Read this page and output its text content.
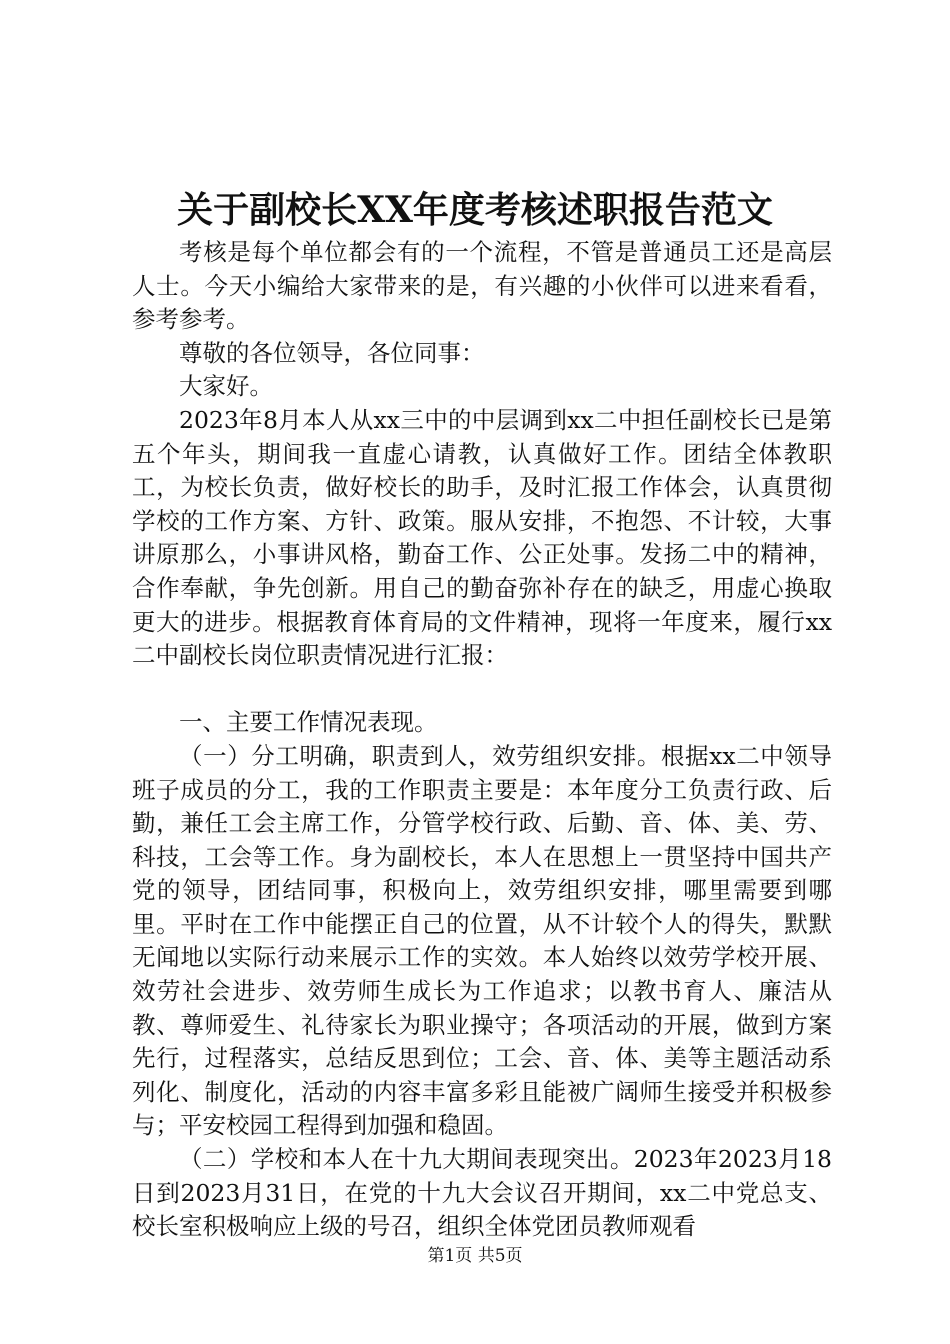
关于副校长XX年度考核述职报告范文

考核是每个单位都会有的一个流程，不管是普通员工还是高层人士。今天小编给大家带来的是，有兴趣的小伙伴可以进来看看，参考参考。

尊敬的各位领导，各位同事：

大家好。

2023年8月本人从xx三中的中层调到xx二中担任副校长已是第五个年头，期间我一直虚心请教，认真做好工作。团结全体教职工，为校长负责，做好校长的助手，及时汇报工作体会，认真贯彻学校的工作方案、方针、政策。服从安排，不抱怨、不计较，大事讲原那么，小事讲风格，勤奋工作、公正处事。发扬二中的精神，合作奉献，争先创新。用自己的勤奋弥补存在的缺乏，用虚心换取更大的进步。根据教育体育局的文件精神，现将一年度来，履行xx二中副校长岗位职责情况进行汇报：

一、主要工作情况表现。

（一）分工明确，职责到人，效劳组织安排。根据xx二中领导班子成员的分工，我的工作职责主要是：本年度分工负责行政、后勤，兼任工会主席工作，分管学校行政、后勤、音、体、美、劳、科技，工会等工作。身为副校长，本人在思想上一贯坚持中国共产党的领导，团结同事，积极向上，效劳组织安排，哪里需要到哪里。平时在工作中能摆正自己的位置，从不计较个人的得失，默默无闻地以实际行动来展示工作的实效。本人始终以效劳学校开展、效劳社会进步、效劳师生成长为工作追求；以教书育人、廉洁从教、尊师爱生、礼待家长为职业操守；各项活动的开展，做到方案先行，过程落实，总结反思到位；工会、音、体、美等主题活动系列化、制度化，活动的内容丰富多彩且能被广阔师生接受并积极参与；平安校园工程得到加强和稳固。

（二）学校和本人在十九大期间表现突出。2023年2023月18日到2023月31日，在党的十九大会议召开期间，xx二中党总支、校长室积极响应上级的号召，组织全体党团员教师观看

第1页 共5页
